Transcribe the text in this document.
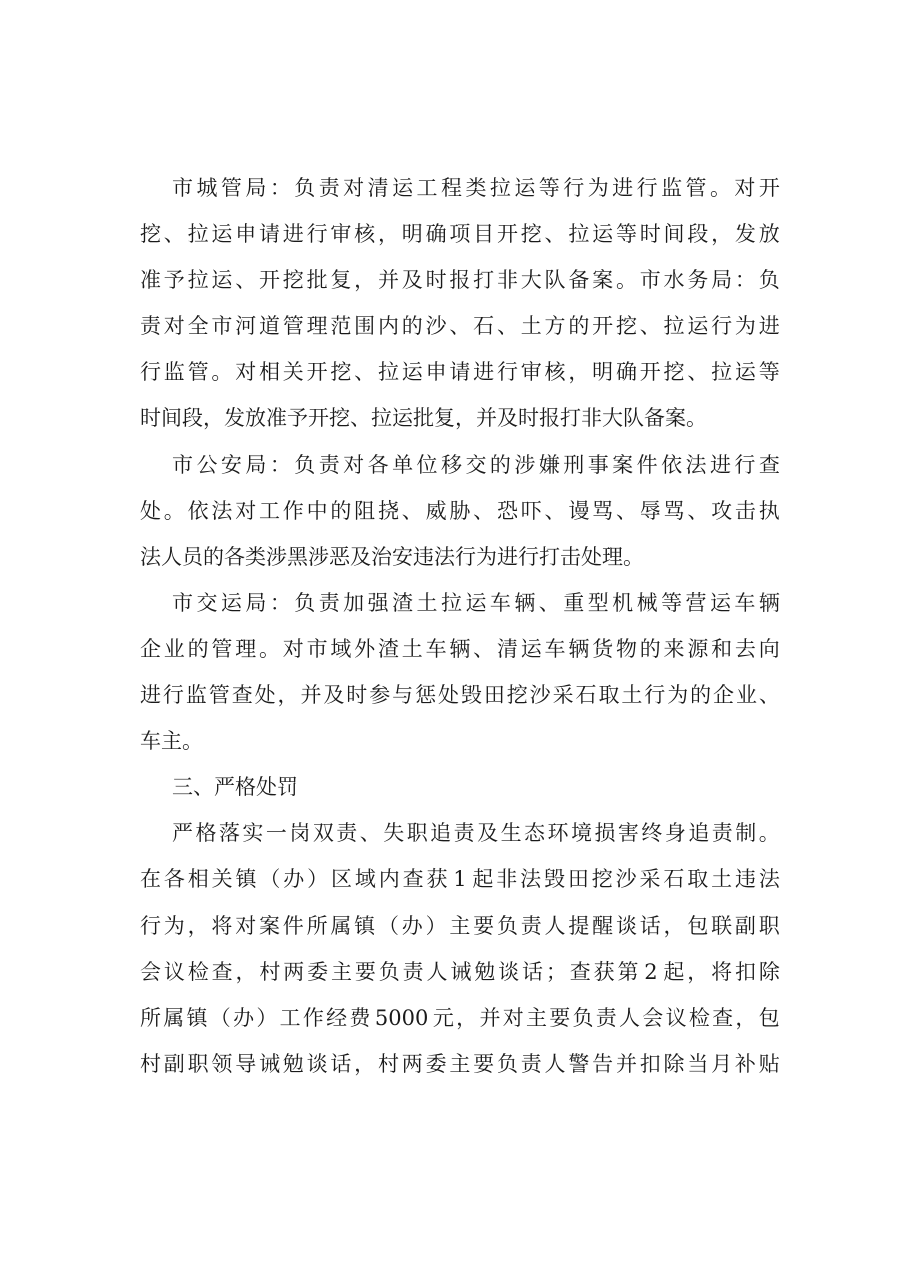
市 城 管 局 ： 负 责 对 清 运 工 程 类 拉 运 等 行 为 进 行 监 管 。 对 开
挖 、 拉 运 申 请 进 行 审 核 ， 明 确 项 目 开 挖 、 拉 运 等 时 间 段 ， 发 放
准 予 拉 运 、 开 挖 批 复 ， 并 及 时 报 打 非 大 队 备 案 。 市 水 务 局 ： 负
责 对 全 市 河 道 管 理 范 围 内 的 沙 、 石 、 土 方 的 开 挖 、 拉 运 行 为 进
行 监 管 。 对 相 关 开 挖 、 拉 运 申 请 进 行 审 核 ， 明 确 开 挖 、 拉 运 等
时间段，发放准予开挖、拉运批复，并及时报打非大队备案。
市 公 安 局 ： 负 责 对 各 单 位 移 交 的 涉 嫌 刑 事 案 件 依 法 进 行 查
处 。 依 法 对 工 作 中 的 阻 挠 、 威 胁 、 恐 吓 、 谩 骂 、 辱 骂 、 攻 击 执
法人员的各类涉黑涉恶及治安违法行为进行打击处理。
市 交 运 局 ： 负 责 加 强 渣 土 拉 运 车 辆 、 重 型 机 械 等 营 运 车 辆
企 业 的 管 理 。 对 市 域 外 渣 土 车 辆 、 清 运 车 辆 货 物 的 来 源 和 去 向
进 行 监 管 查 处 ， 并 及 时 参 与 惩 处 毁 田 挖 沙 采 石 取 土 行 为 的 企 业 、
车主。
三、严格处罚
严 格 落 实 一 岗 双 责 、 失 职 追 责 及 生 态 环 境 损 害 终 身 追 责 制 。
在 各 相 关 镇 （ 办 ） 区 域 内 查 获 1 起 非 法 毁 田 挖 沙 采 石 取 土 违 法
行 为 ， 将 对 案 件 所 属 镇 （ 办 ） 主 要 负 责 人 提 醒 谈 话 ， 包 联 副 职
会 议 检 查 ， 村 两 委 主 要 负 责 人 诫 勉 谈 话 ； 查 获 第 2 起 ， 将 扣 除
所 属 镇 （ 办 ） 工 作 经 费 5000 元 ， 并 对 主 要 负 责 人 会 议 检 查 ， 包
村 副 职 领 导 诫 勉 谈 话 ， 村 两 委 主 要 负 责 人 警 告 并 扣 除 当 月 补 贴
